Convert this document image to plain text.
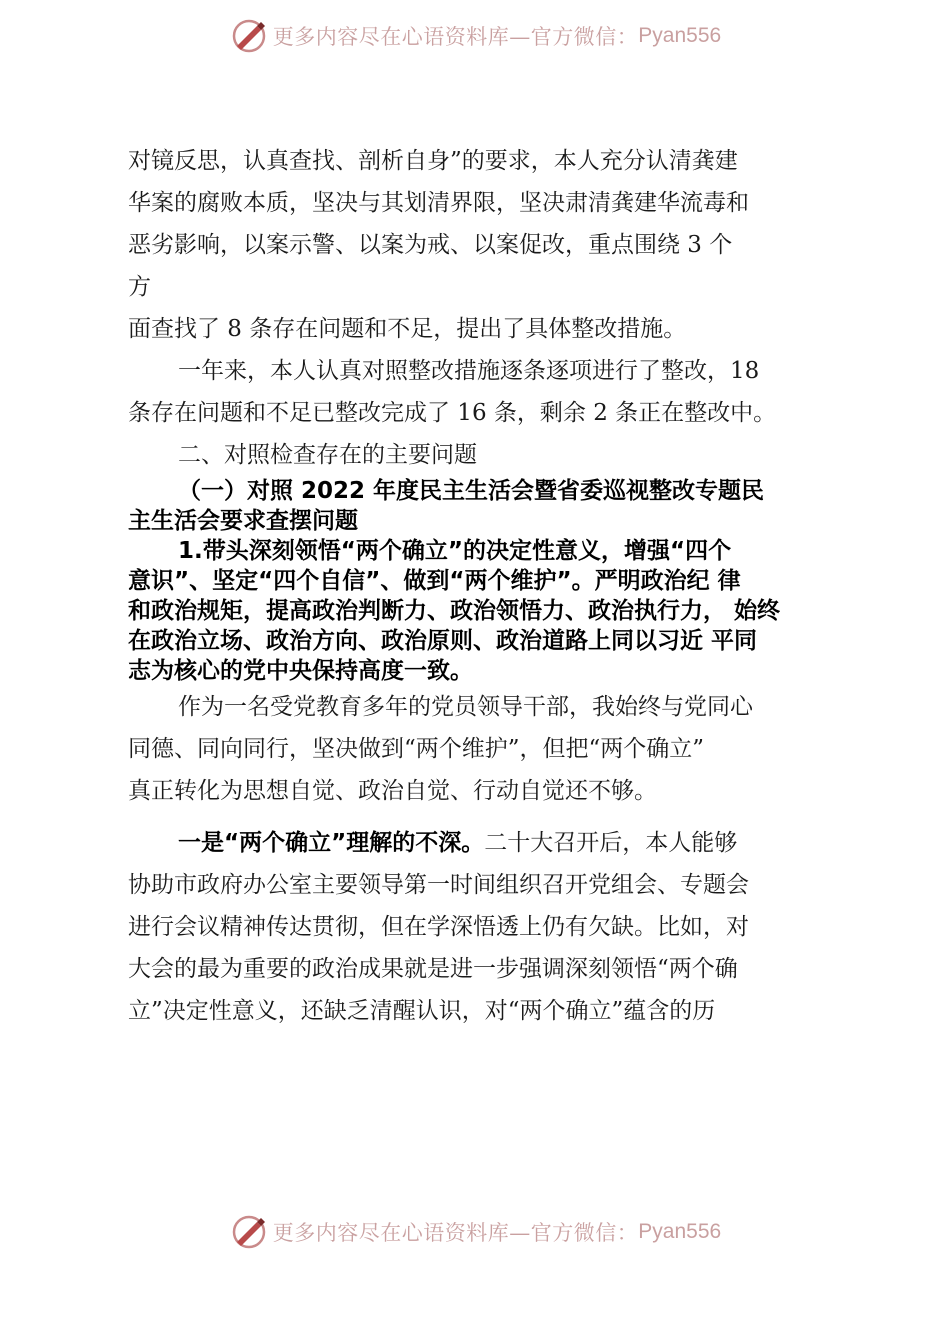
更多内容尽在心语资料库—官方微信： Pyan556

对镜反思，认真查找、剖析自身”的要求，本人充分认清龚建

华案的腐败本质，坚决与其划清界限，坚决肃清龚建华流毒和

恶劣影响，以案示警、以案为戒、以案促改，重点围绕 3 个

方

面查找了 8 条存在问题和不足，提出了具体整改措施。

一年来，本人认真对照整改措施逐条逐项进行了整改，18

条存在问题和不足已整改完成了 16 条，剩余 2 条正在整改中。

二、对照检查存在的主要问题

（一）对照 2022 年度民主生活会暨省委巡视整改专题民

主生活会要求查摆问题

1.带头深刻领悟“两个确立”的决定性意义，增强“四个

意识”、坚定“四个自信”、做到“两个维护”。严明政治纪 律

和政治规矩，提高政治判断力、政治领悟力、政治执行力， 始终

在政治立场、政治方向、政治原则、政治道路上同以习近 平同

志为核心的党中央保持高度一致。

作为一名受党教育多年的党员领导干部，我始终与党同心

同德、同向同行，坚决做到“两个维护”，但把“两个确立”

真正转化为思想自觉、政治自觉、行动自觉还不够。

一是“两个确立”理解的不深。二十大召开后，本人能够

协助市政府办公室主要领导第一时间组织召开党组会、专题会

进行会议精神传达贯彻，但在学深悟透上仍有欠缺。比如，对

大会的最为重要的政治成果就是进一步强调深刻领悟“两个确

立”决定性意义，还缺乏清醒认识，对“两个确立”蕴含的历

更多内容尽在心语资料库—官方微信： Pyan556
